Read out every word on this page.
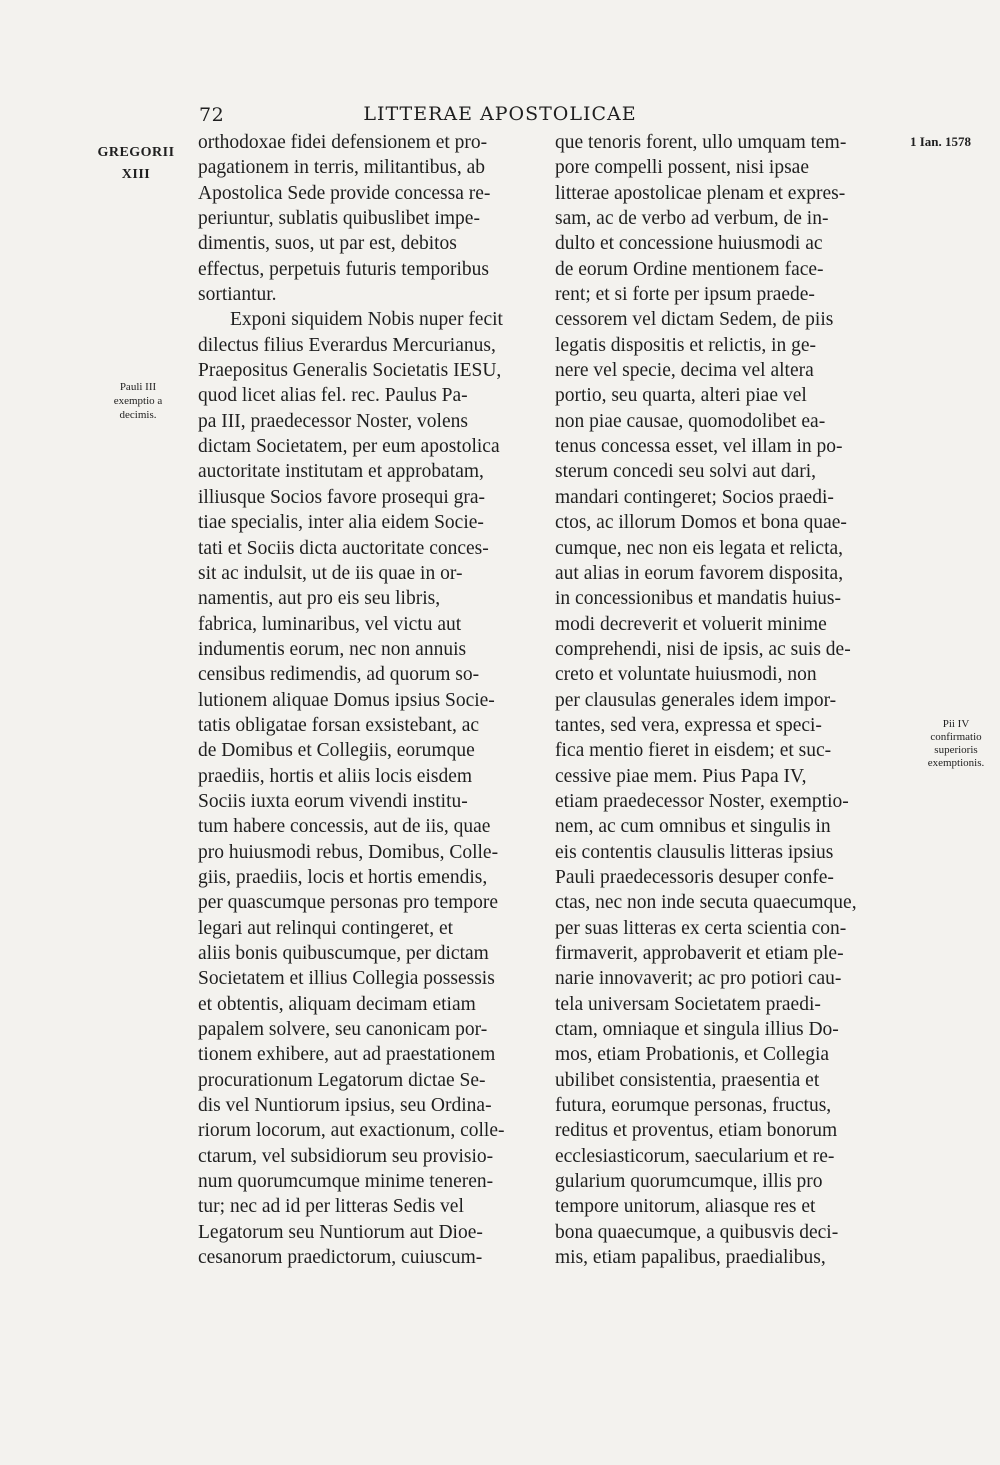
72	LITTERAE APOSTOLICAE
GREGORII
XIII
Pauli III
exemptio a
decimis.
1 Ian. 1578
Pii IV
confirmatio
superioris
exemptionis.
orthodoxae fidei defensionem et pro-
pagationem in terris, militantibus, ab
Apostolica Sede provide concessa re-
periuntur, sublatis quibuslibet impe-
dimentis, suos, ut par est, debitos
effectus, perpetuis futuris temporibus
sortiantur.
Exponi siquidem Nobis nuper fecit
dilectus filius Everardus Mercurianus,
Praepositus Generalis Societatis IESU,
quod licet alias fel. rec. Paulus Pa-
pa III, praedecessor Noster, volens
dictam Societatem, per eum apostolica
auctoritate institutam et approbatam,
illiusque Socios favore prosequi gra-
tiae specialis, inter alia eidem Socie-
tati et Sociis dicta auctoritate conces-
sit ac indulsit, ut de iis quae in or-
namentis, aut pro eis seu libris,
fabrica, luminaribus, vel victu aut
indumentis eorum, nec non annuis
censibus redimendis, ad quorum so-
lutionem aliquae Domus ipsius Socie-
tatis obligatae forsan exsistebant, ac
de Domibus et Collegiis, eorumque
praediis, hortis et aliis locis eisdem
Sociis iuxta eorum vivendi institu-
tum habere concessis, aut de iis, quae
pro huiusmodi rebus, Domibus, Colle-
giis, praediis, locis et hortis emendis,
per quascumque personas pro tempore
legari aut relinqui contingeret, et
aliis bonis quibuscumque, per dictam
Societatem et illius Collegia possessis
et obtentis, aliquam decimam etiam
papalem solvere, seu canonicam por-
tionem exhibere, aut ad praestationem
procurationum Legatorum dictae Se-
dis vel Nuntiorum ipsius, seu Ordina-
riorum locorum, aut exactionum, colle-
ctarum, vel subsidiorum seu provisio-
num quorumcumque minime teneren-
tur; nec ad id per litteras Sedis vel
Legatorum seu Nuntiorum aut Dioe-
cesanorum praedictorum, cuiuscum-
que tenoris forent, ullo umquam tem-
pore compelli possent, nisi ipsae
litterae apostolicae plenam et expres-
sam, ac de verbo ad verbum, de in-
dulto et concessione huiusmodi ac
de eorum Ordine mentionem face-
rent; et si forte per ipsum praede-
cessorem vel dictam Sedem, de piis
legatis dispositis et relictis, in ge-
nere vel specie, decima vel altera
portio, seu quarta, alteri piae vel
non piae causae, quomodolibet ea-
tenus concessa esset, vel illam in po-
sterum concedi seu solvi aut dari,
mandari contingeret; Socios praedi-
ctos, ac illorum Domos et bona quae-
cumque, nec non eis legata et relicta,
aut alias in eorum favorem disposita,
in concessionibus et mandatis huius-
modi decreverit et voluerit minime
comprehendi, nisi de ipsis, ac suis de-
creto et voluntate huiusmodi, non
per clausulas generales idem impor-
tantes, sed vera, expressa et speci-
fica mentio fieret in eisdem; et suc-
cessive piae mem. Pius Papa IV,
etiam praedecessor Noster, exemptio-
nem, ac cum omnibus et singulis in
eis contentis clausulis litteras ipsius
Pauli praedecessoris desuper confe-
ctas, nec non inde secuta quaecumque,
per suas litteras ex certa scientia con-
firmaverit, approbaverit et etiam ple-
narie innovaverit; ac pro potiori cau-
tela universam Societatem praedi-
ctam, omniaque et singula illius Do-
mos, etiam Probationis, et Collegia
ubilibet consistentia, praesentia et
futura, eorumque personas, fructus,
reditus et proventus, etiam bonorum
ecclesiasticorum, saecularium et re-
gularium quorumcumque, illis pro
tempore unitorum, aliasque res et
bona quaecumque, a quibusvis deci-
mis, etiam papalibus, praedialibus,
